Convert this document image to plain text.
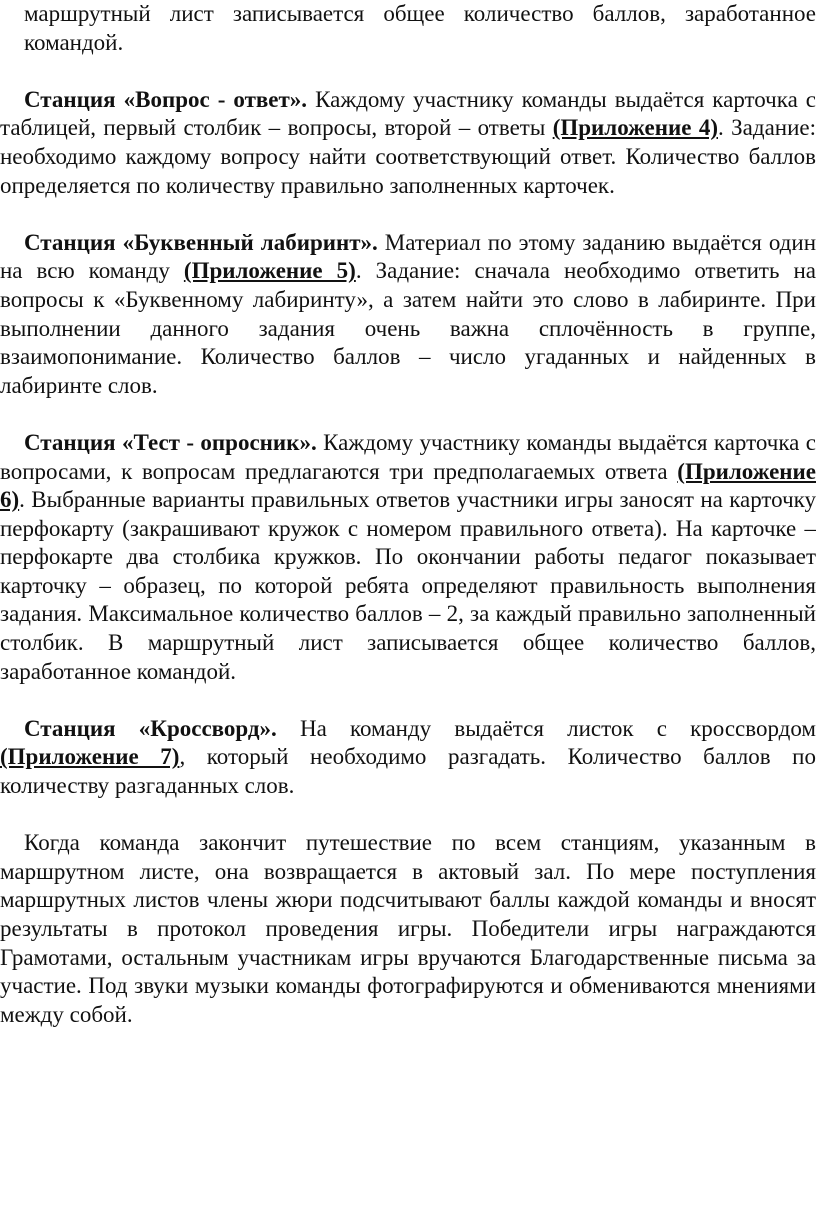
маршрутный лист записывается общее количество баллов, заработанное командой.

Станция «Вопрос - ответ». Каждому участнику команды выдаётся карточка с таблицей, первый столбик – вопросы, второй – ответы (Приложение 4). Задание: необходимо каждому вопросу найти соответствующий ответ. Количество баллов определяется по количеству правильно заполненных карточек.

Станция «Буквенный лабиринт». Материал по этому заданию выдаётся один на всю команду (Приложение 5). Задание: сначала необходимо ответить на вопросы к «Буквенному лабиринту», а затем найти это слово в лабиринте. При выполнении данного задания очень важна сплочённость в группе, взаимопонимание. Количество баллов – число угаданных и найденных в лабиринте слов.

Станция «Тест - опросник». Каждому участнику команды выдаётся карточка с вопросами, к вопросам предлагаются три предполагаемых ответа (Приложение 6). Выбранные варианты правильных ответов участники игры заносят на карточку перфокарту (закрашивают кружок с номером правильного ответа). На карточке – перфокарте два столбика кружков. По окончании работы педагог показывает карточку – образец, по которой ребята определяют правильность выполнения задания. Максимальное количество баллов – 2, за каждый правильно заполненный столбик. В маршрутный лист записывается общее количество баллов, заработанное командой.

Станция «Кроссворд». На команду выдаётся листок с кроссвордом (Приложение 7), который необходимо разгадать. Количество баллов по количеству разгаданных слов.

Когда команда закончит путешествие по всем станциям, указанным в маршрутном листе, она возвращается в актовый зал. По мере поступления маршрутных листов члены жюри подсчитывают баллы каждой команды и вносят результаты в протокол проведения игры. Победители игры награждаются Грамотами, остальным участникам игры вручаются Благодарственные письма за участие. Под звуки музыки команды фотографируются и обмениваются мнениями между собой.
